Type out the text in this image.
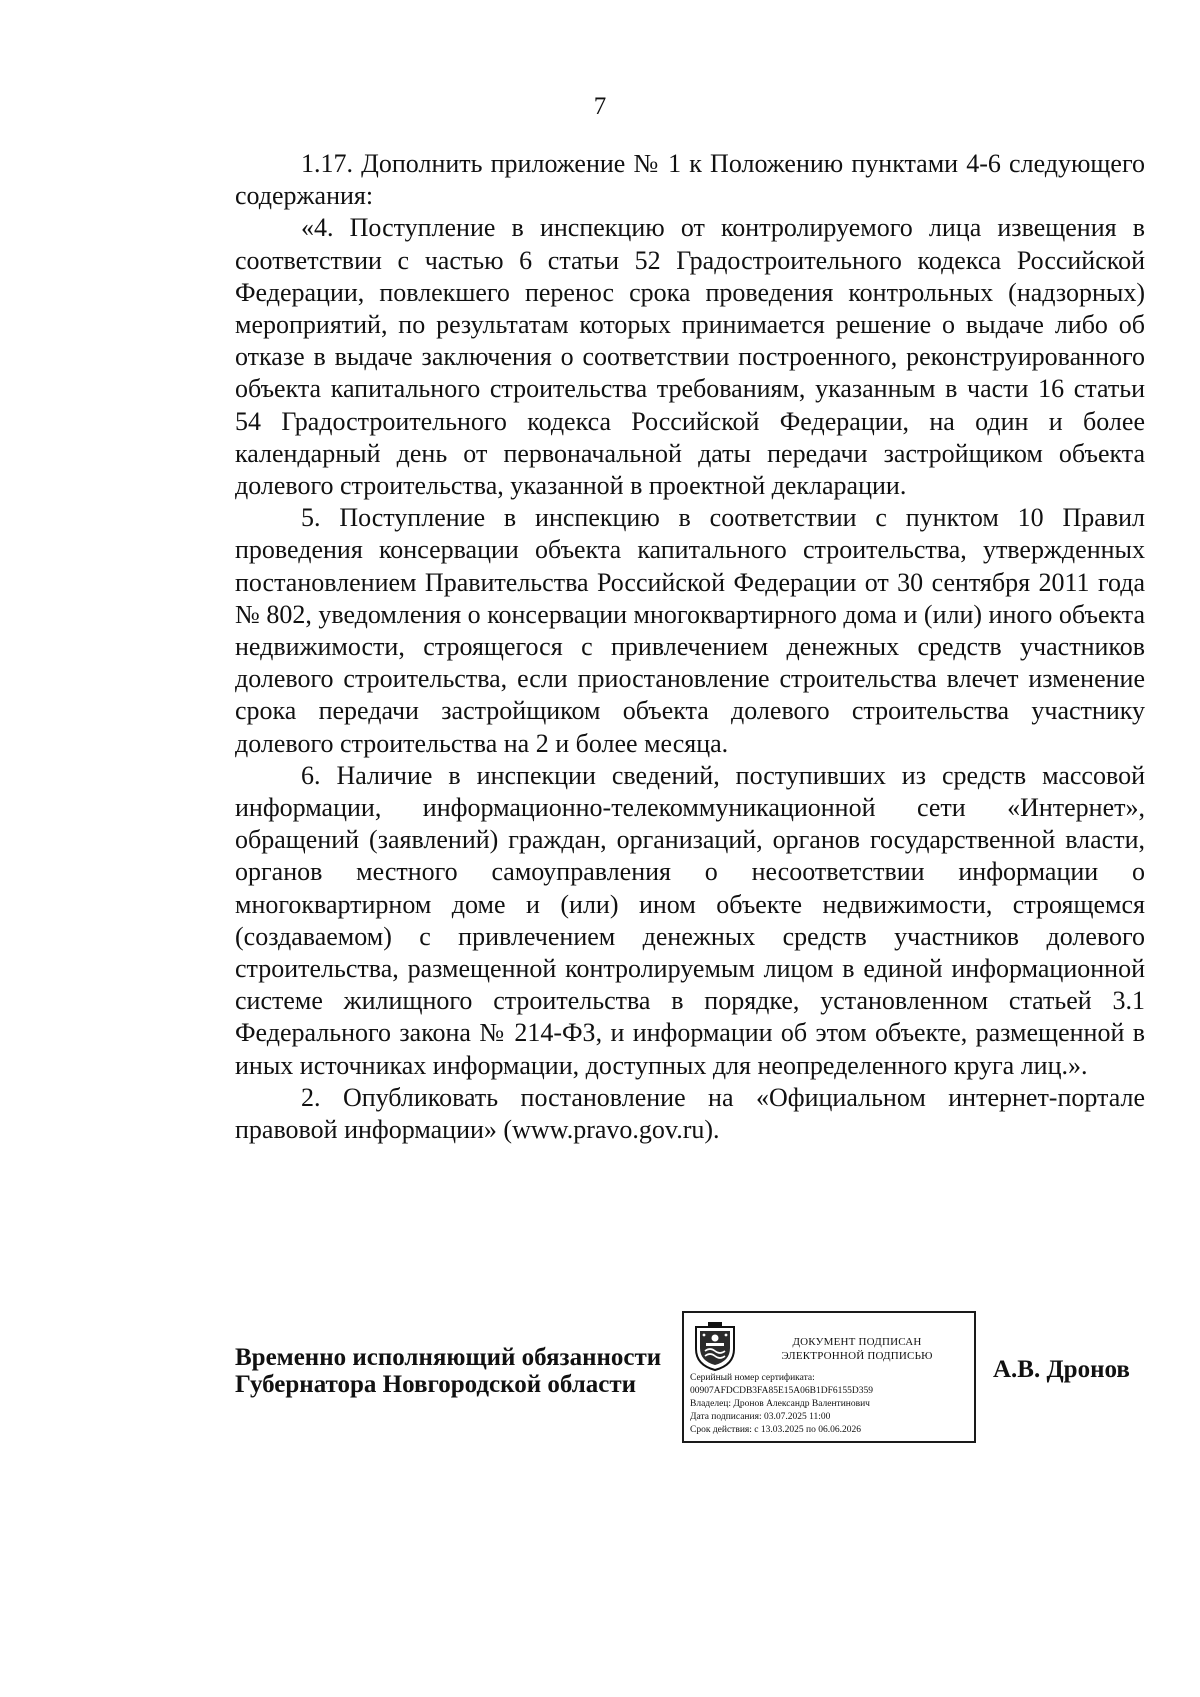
7

1.17. Дополнить приложение № 1 к Положению пунктами 4-6 следующего содержания:

«4. Поступление в инспекцию от контролируемого лица извещения в соответствии с частью 6 статьи 52 Градостроительного кодекса Российской Федерации, повлекшего перенос срока проведения контрольных (надзорных) мероприятий, по результатам которых принимается решение о выдаче либо об отказе в выдаче заключения о соответствии построенного, реконструированного объекта капитального строительства требованиям, указанным в части 16 статьи 54 Градостроительного кодекса Российской Федерации, на один и более календарный день от первоначальной даты передачи застройщиком объекта долевого строительства, указанной в проектной декларации.

5. Поступление в инспекцию в соответствии с пунктом 10 Правил проведения консервации объекта капитального строительства, утвержденных постановлением Правительства Российской Федерации от 30 сентября 2011 года № 802, уведомления о консервации многоквартирного дома и (или) иного объекта недвижимости, строящегося с привлечением денежных средств участников долевого строительства, если приостановление строительства влечет изменение срока передачи застройщиком объекта долевого строительства участнику долевого строительства на 2 и более месяца.

6. Наличие в инспекции сведений, поступивших из средств массовой информации, информационно-телекоммуникационной сети «Интернет», обращений (заявлений) граждан, организаций, органов государственной власти, органов местного самоуправления о несоответствии информации о многоквартирном доме и (или) ином объекте недвижимости, строящемся (создаваемом) с привлечением денежных средств участников долевого строительства, размещенной контролируемым лицом в единой информационной системе жилищного строительства в порядке, установленном статьей 3.1 Федерального закона № 214-ФЗ, и информации об этом объекте, размещенной в иных источниках информации, доступных для неопределенного круга лиц.».

2. Опубликовать постановление на «Официальном интернет-портале правовой информации» (www.pravo.gov.ru).

Временно исполняющий обязанности
Губернатора Новгородской области
ДОКУМЕНТ ПОДПИСАН
ЭЛЕКТРОННОЙ ПОДПИСЬЮ
Серийный номер сертификата:
00907AFDCDB3FA85E15A06B1DF6155D359
Владелец: Дронов Александр Валентинович
Дата подписания: 03.07.2025 11:00
Срок действия: с 13.03.2025 по 06.06.2026
А.В. Дронов
